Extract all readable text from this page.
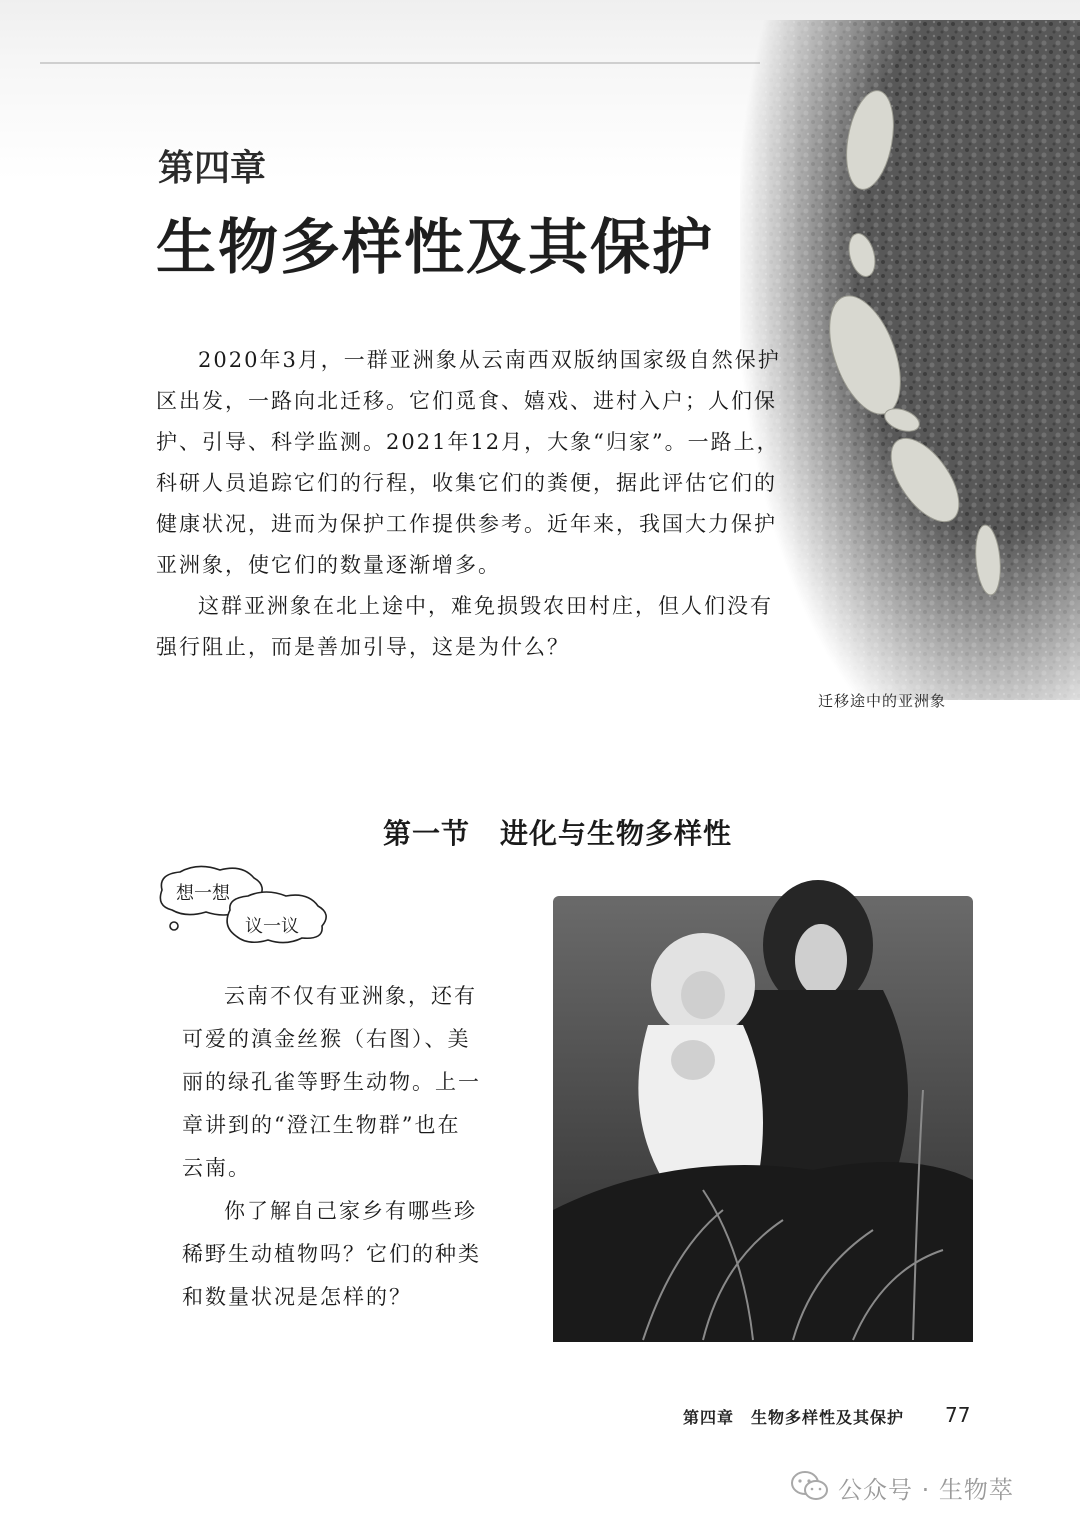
迁移途中的亚洲象
第四章
生物多样性及其保护

2020年3月，一群亚洲象从云南西双版纳国家级自然保护区出发，一路向北迁移。它们觅食、嬉戏、进村入户；人们保护、引导、科学监测。2021年12月，大象“归家”。一路上，科研人员追踪它们的行程，收集它们的粪便，据此评估它们的健康状况，进而为保护工作提供参考。近年来，我国大力保护亚洲象，使它们的数量逐渐增多。

这群亚洲象在北上途中，难免损毁农田村庄，但人们没有强行阻止，而是善加引导，这是为什么？

第一节 进化与生物多样性
想一想
议一议

云南不仅有亚洲象，还有可爱的滇金丝猴（右图）、美丽的绿孔雀等野生动物。上一章讲到的“澄江生物群”也在云南。

你了解自己家乡有哪些珍稀野生动植物吗？它们的种类和数量状况是怎样的？

第四章　生物多样性及其保护 77
公众号 · 生物萃
